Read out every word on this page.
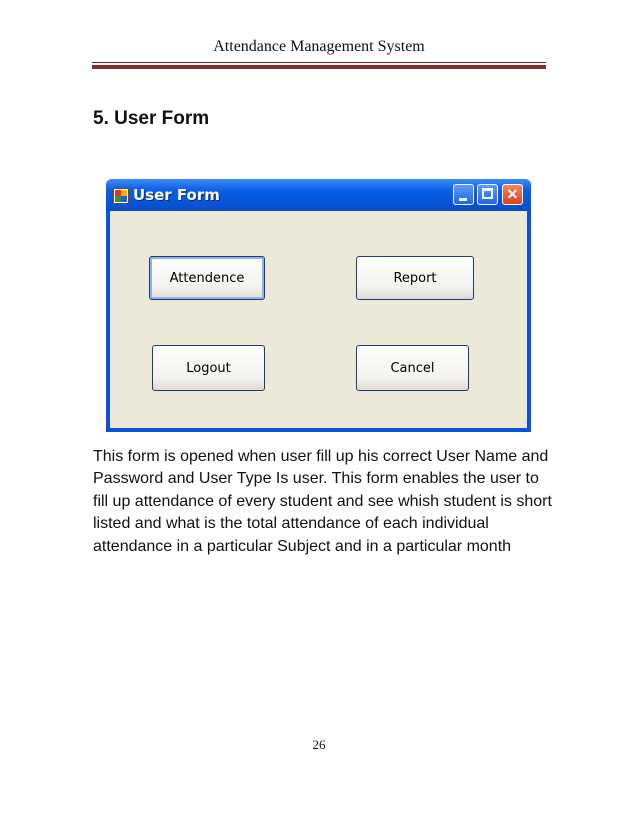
Attendance Management System
5. User Form
User Form	✕
Attendence	Report
Logout	Cancel
This form is opened when user fill up his correct User Name and Password and User Type Is user. This form enables the user to fill up attendance of every student and see whish student is short listed and what is the total attendance of each individual attendance in a particular Subject and in a particular month
26
